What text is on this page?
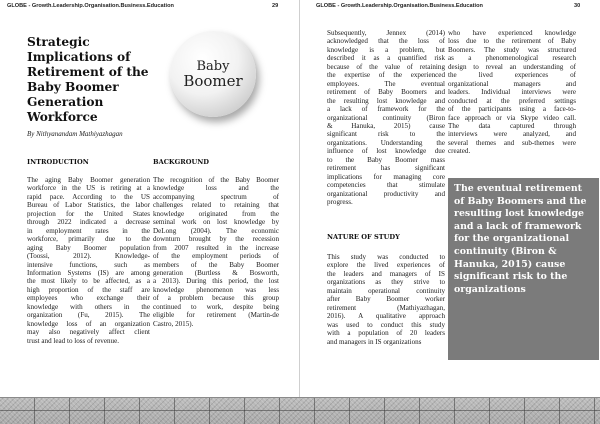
GLOBE - Growth.Leadership.Organisation.Business.Education	29
Strategic
Implications of
Retirement of the
Baby Boomer
Generation
Workforce
Baby
Boomer
By Nithyanandam Mathiyazhagan
INTRODUCTION
The aging Baby Boomer generation
workforce in the US is retiring at a
rapid pace. According to the US
Bureau of Labor Statistics, the labor
projection for the United States
through 2022 indicated a decrease
in employment rates in the
workforce, primarily due to the
aging Baby Boomer population
(Toossi, 2012). Knowledge-
intensive functions, such as
Information Systems (IS) are among
the most likely to be affected, as a
high proportion of the staff are
employees who exchange their
knowledge with others in the
organization (Fu, 2015). The
knowledge loss of an organization
may also negatively affect client
trust and lead to loss of revenue.
BACKGROUND
The recognition of the Baby Boomer
knowledge loss and the
accompanying spectrum of
challenges related to retaining that
knowledge originated from the
seminal work on lost knowledge by
DeLong (2004). The economic
downturn brought by the recession
from 2007 resulted in the increase
of the employment periods of
members of the Baby Boomer
generation (Burtless & Bosworth,
a 2013). During this period, the lost
knowledge phenomenon was less
of a problem because this group
continued to work, despite being
eligible for retirement (Martin-de
Castro, 2015).
GLOBE - Growth.Leadership.Organisation.Business.Education	30
Subsequently, Jennex (2014)
acknowledged that the loss of
knowledge is a problem, but
described it as a quantified risk
because of the value of retaining
the expertise of the experienced
employees. The eventual
retirement of Baby Boomers and
the resulting lost knowledge and
a lack of framework for the
organizational continuity (Biron
& Hanuka, 2015) cause
significant risk to the
organizations. Understanding the
influence of lost knowledge due
to the Baby Boomer mass
retirement has significant
implications for managing core
competencies that stimulate
organizational productivity and
progress.
NATURE OF STUDY
This study was conducted to
explore the lived experiences of
the leaders and managers of IS
organizations as they strive to
maintain operational continuity
after Baby Boomer worker
retirement (Mathiyazhagan,
2016). A qualitative approach
was used to conduct this study
with a population of 20 leaders
and managers in IS organizations
who have experienced knowledge
loss due to the retirement of Baby
Boomers. The study was structured
as a phenomenological research
design to reveal an understanding of
the lived experiences of
organizational managers and
leaders. Individual interviews were
conducted at the preferred settings
of the participants using a face-to-
face approach or via Skype video call.
The data captured through
interviews were analyzed, and
several themes and sub-themes were
created.
The eventual retirement of Baby Boomers and the resulting lost knowledge and a lack of framework for the organizational continuity (Biron & Hanuka, 2015) cause significant risk to the organizations
